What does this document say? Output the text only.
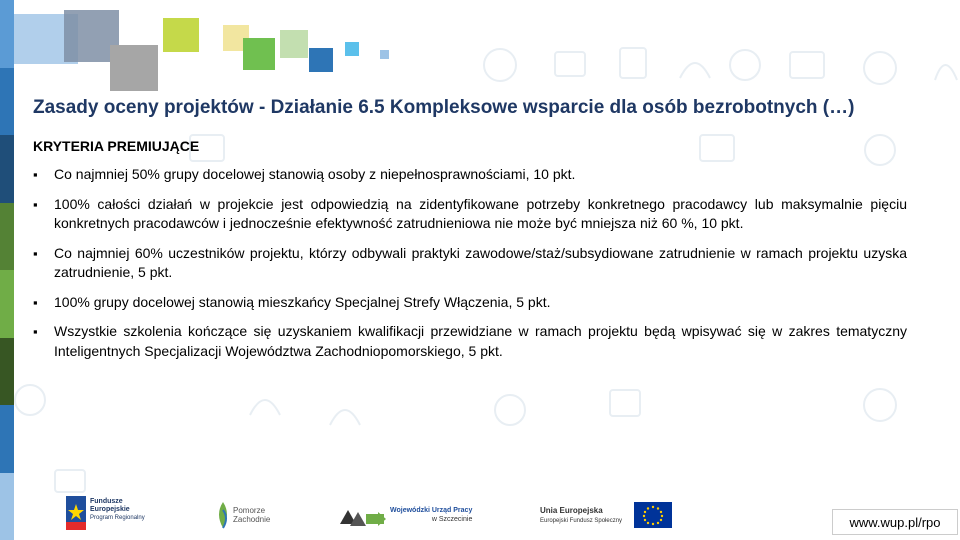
Zasady oceny projektów - Działanie 6.5 Kompleksowe wsparcie dla osób bezrobotnych (…)
KRYTERIA PREMIUJĄCE
▪ Co najmniej 50% grupy docelowej stanowią osoby z niepełnosprawnościami, 10 pkt.
▪ 100% całości działań w projekcie jest odpowiedzią na zidentyfikowane potrzeby konkretnego pracodawcy lub maksymalnie pięciu konkretnych pracodawców i jednocześnie efektywność zatrudnieniowa nie może być mniejsza niż 60 %, 10 pkt.
▪ Co najmniej 60% uczestników projektu, którzy odbywali praktyki zawodowe/staż/subsydiowane zatrudnienie w ramach projektu uzyska zatrudnienie, 5 pkt.
▪ 100% grupy docelowej stanowią mieszkańcy Specjalnej Strefy Włączenia, 5 pkt.
▪ Wszystkie szkolenia kończące się uzyskaniem kwalifikacji przewidziane w ramach projektu będą wpisywać się w zakres tematyczny Inteligentnych Specjalizacji Województwa Zachodniopomorskiego, 5 pkt.
Fundusze
Europejskie
Program Regionalny
Pomorze
Zachodnie
Wojewódzki Urząd Pracy
w Szczecinie
Unia Europejska
Europejski Fundusz Społeczny	www.wup.pl/rpo
